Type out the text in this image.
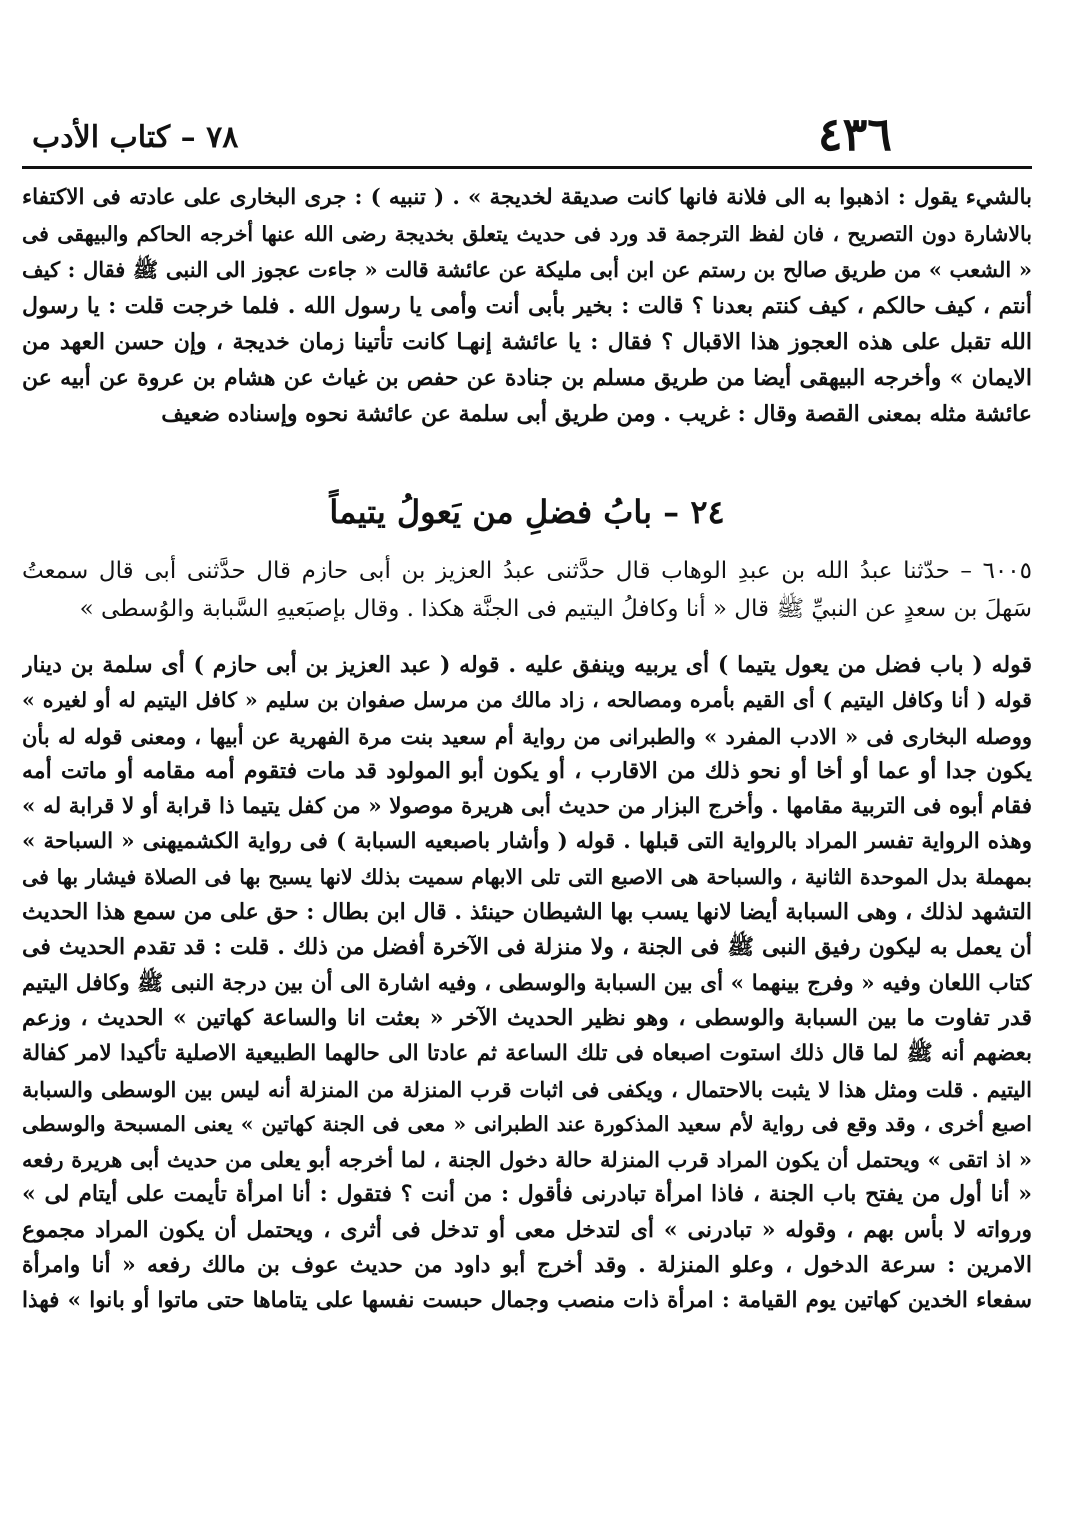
٤٣٦
٧٨ – كتاب الأدب
بالشيء يقول : اذهبوا به الى فلانة فانها كانت صديقة لخديجة » . ( تنبيه ) : جرى البخارى على عادته فى الاكتفاء
بالاشارة دون التصريح ، فان لفظ الترجمة قد ورد فى حديث يتعلق بخديجة رضى الله عنها أخرجه الحاكم والبيهقى فى
« الشعب » من طريق صالح بن رستم عن ابن أبى مليكة عن عائشة قالت « جاءت عجوز الى النبى ﷺ فقال : كيف
أنتم ، كيف حالكم ، كيف كنتم بعدنا ؟ قالت : بخير بأبى أنت وأمى يا رسول الله . فلما خرجت قلت : يا رسول
الله تقبل على هذه العجوز هذا الاقبال ؟ فقال : يا عائشة إنهـا كانت تأتينا زمان خديجة ، وإن حسن العهد من
الايمان » وأخرجه البيهقى أيضا من طريق مسلم بن جنادة عن حفص بن غياث عن هشام بن عروة عن أبيه عن
عائشة مثله بمعنى القصة وقال : غريب . ومن طريق أبى سلمة عن عائشة نحوه وإسناده ضعيف
٢٤ – بابُ فضلِ من يَعولُ يتيماً
٦٠٠٥ – حدّثنا عبدُ الله بن عبدِ الوهاب قال حدَّثنى عبدُ العزيز بن أبى حازم قال حدَّثنى أبى قال سمعتُ
سَهلَ بن سعدٍ عن النبيِّ ﷺ قال « أنا وكافلُ اليتيم فى الجنَّة هكذا . وقال بإصبَعيهِ السَّبابة والوُسطى »
قوله ( باب فضل من يعول يتيما ) أى يربيه وينفق عليه . قوله ( عبد العزيز بن أبى حازم ) أى سلمة بن دينار
قوله ( أنا وكافل اليتيم ) أى القيم بأمره ومصالحه ، زاد مالك من مرسل صفوان بن سليم « كافل اليتيم له أو لغيره »
ووصله البخارى فى « الادب المفرد » والطبرانى من رواية أم سعيد بنت مرة الفهرية عن أبيها ، ومعنى قوله له بأن
يكون جدا أو عما أو أخا أو نحو ذلك من الاقارب ، أو يكون أبو المولود قد مات فتقوم أمه مقامه أو ماتت أمه
فقام أبوه فى التربية مقامها . وأخرج البزار من حديث أبى هريرة موصولا « من كفل يتيما ذا قرابة أو لا قرابة له »
وهذه الرواية تفسر المراد بالرواية التى قبلها . قوله ( وأشار باصبعيه السبابة ) فى رواية الكشميهنى « السباحة »
بمهملة بدل الموحدة الثانية ، والسباحة هى الاصبع التى تلى الابهام سميت بذلك لانها يسبح بها فى الصلاة فيشار بها فى
التشهد لذلك ، وهى السبابة أيضا لانها يسب بها الشيطان حينئذ . قال ابن بطال : حق على من سمع هذا الحديث
أن يعمل به ليكون رفيق النبى ﷺ فى الجنة ، ولا منزلة فى الآخرة أفضل من ذلك . قلت : قد تقدم الحديث فى
كتاب اللعان وفيه « وفرج بينهما » أى بين السبابة والوسطى ، وفيه اشارة الى أن بين درجة النبى ﷺ وكافل اليتيم
قدر تفاوت ما بين السبابة والوسطى ، وهو نظير الحديث الآخر « بعثت انا والساعة كهاتين » الحديث ، وزعم
بعضهم أنه ﷺ لما قال ذلك استوت اصبعاه فى تلك الساعة ثم عادتا الى حالهما الطبيعية الاصلية تأكيدا لامر كفالة
اليتيم . قلت ومثل هذا لا يثبت بالاحتمال ، ويكفى فى اثبات قرب المنزلة من المنزلة أنه ليس بين الوسطى والسبابة
اصبع أخرى ، وقد وقع فى رواية لأم سعيد المذكورة عند الطبرانى « معى فى الجنة كهاتين » يعنى المسبحة والوسطى
« اذ اتقى » ويحتمل أن يكون المراد قرب المنزلة حالة دخول الجنة ، لما أخرجه أبو يعلى من حديث أبى هريرة رفعه
« أنا أول من يفتح باب الجنة ، فاذا امرأة تبادرنى فأقول : من أنت ؟ فتقول : أنا امرأة تأيمت على أيتام لى »
ورواته لا بأس بهم ، وقوله « تبادرنى » أى لتدخل معى أو تدخل فى أثرى ، ويحتمل أن يكون المراد مجموع
الامرين : سرعة الدخول ، وعلو المنزلة . وقد أخرج أبو داود من حديث عوف بن مالك رفعه « أنا وامرأة
سفعاء الخدين كهاتين يوم القيامة : امرأة ذات منصب وجمال حبست نفسها على يتاماها حتى ماتوا أو بانوا » فهذا
